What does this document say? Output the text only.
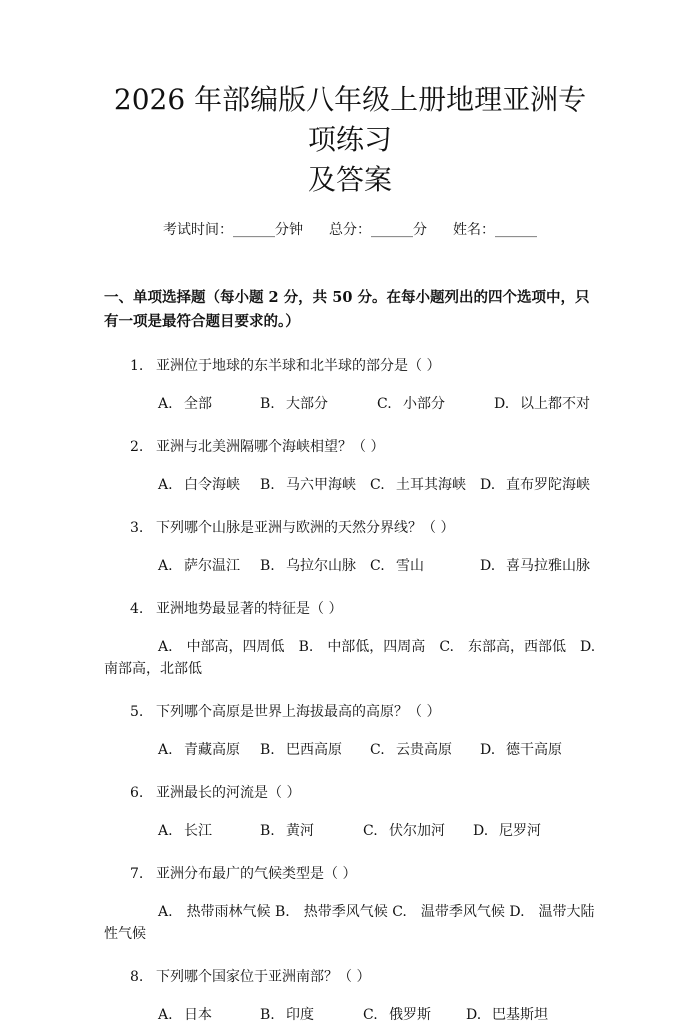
2026 年部编版八年级上册地理亚洲专项练习
及答案
考试时间：______分钟 总分：______分 姓名：______
一、单项选择题（每小题 2 分，共 50 分。在每小题列出的四个选项中，只有一项是最符合题目要求的。）
1. 亚洲位于地球的东半球和北半球的部分是（ ）
A. 全部	B. 大部分	C. 小部分	D. 以上都不对
2. 亚洲与北美洲隔哪个海峡相望？（ ）
A. 白令海峡 B. 马六甲海峡 C. 土耳其海峡 D. 直布罗陀海峡
3. 下列哪个山脉是亚洲与欧洲的天然分界线？（ ）
A. 萨尔温江 B. 乌拉尔山脉 C. 雪山	D. 喜马拉雅山脉
4. 亚洲地势最显著的特征是（ ）
A.　 中部高，四周低　 B.　 中部低，四周高　 C.　 东部高，西部低　 D. 南部高，北部低
5. 下列哪个高原是世界上海拔最高的高原？（ ）
A. 青藏高原 B. 巴西高原 C. 云贵高原 D. 德干高原
6. 亚洲最长的河流是（ ）
A. 长江	B. 黄河	C. 伏尔加河 D. 尼罗河
7. 亚洲分布最广的气候类型是（ ）
A.　 热带雨林气候 B.　 热带季风气候 C.　 温带季风气候 D.　 温带大陆性气候
8. 下列哪个国家位于亚洲南部？（ ）
A. 日本	B. 印度	C. 俄罗斯	D. 巴基斯坦
